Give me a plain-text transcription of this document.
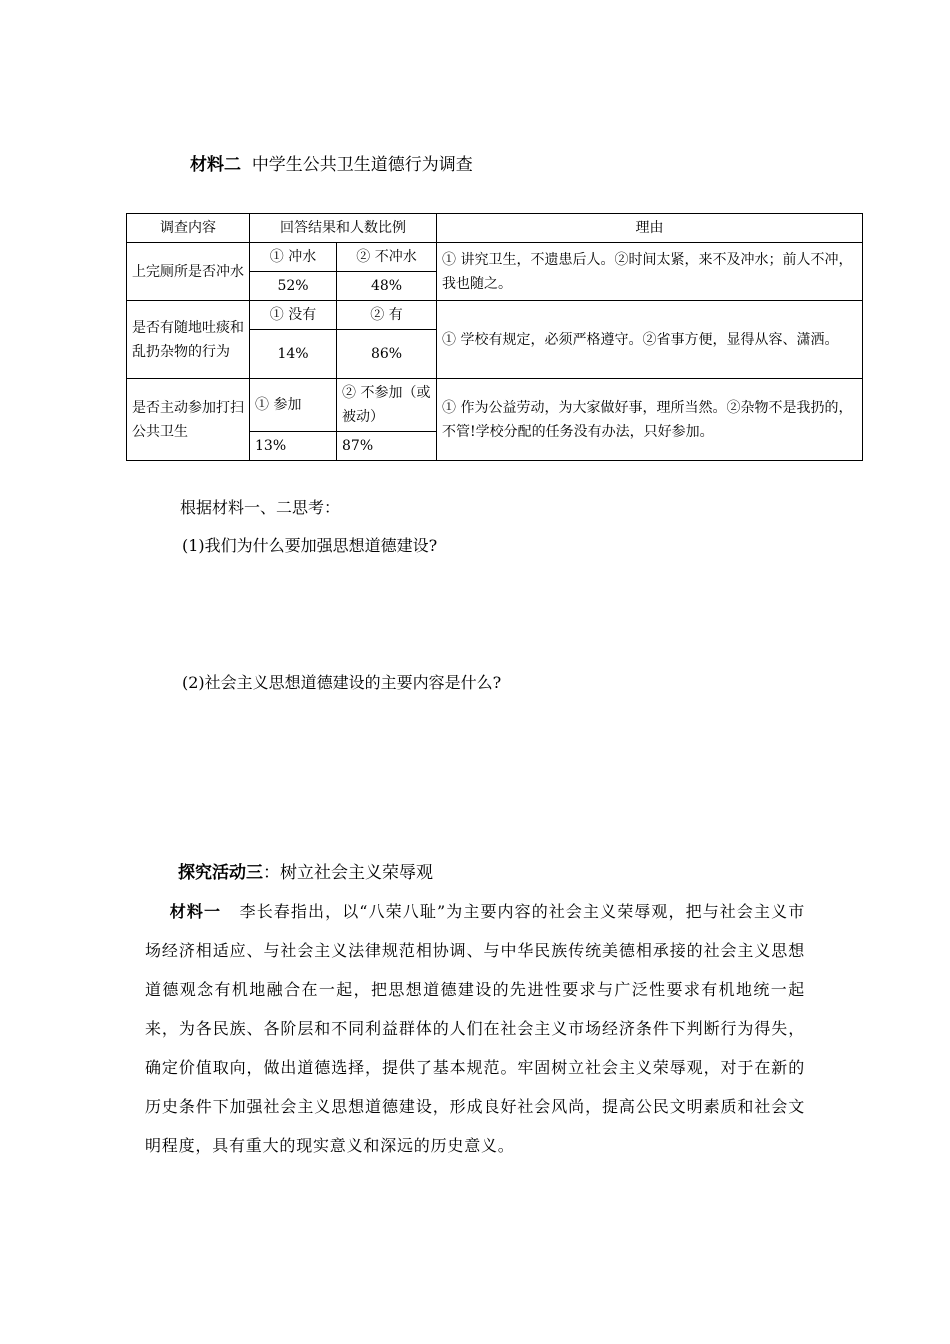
材料二 中学生公共卫生道德行为调查
调查内容	回答结果和人数比例		理由
上完厕所是否冲水	① 冲水	② 不冲水	① 讲究卫生，不遗患后人。②时间太紧，来不及冲水；前人不冲，我也随之。
	52%	48%	
是否有随地吐痰和乱扔杂物的行为	① 没有	② 有	① 学校有规定，必须严格遵守。②省事方便，显得从容、潇洒。
	14%	86%	
是否主动参加打扫公共卫生	① 参加	② 不参加（或被动）	① 作为公益劳动，为大家做好事，理所当然。②杂物不是我扔的，不管!学校分配的任务没有办法，只好参加。
	13%	87%	
根据材料一、二思考：
(1)我们为什么要加强思想道德建设?
(2)社会主义思想道德建设的主要内容是什么?
探究活动三：树立社会主义荣辱观
材料一 李长春指出，以“八荣八耻”为主要内容的社会主义荣辱观，把与社会主义市场经济相适应、与社会主义法律规范相协调、与中华民族传统美德相承接的社会主义思想道德观念有机地融合在一起，把思想道德建设的先进性要求与广泛性要求有机地统一起来，为各民族、各阶层和不同利益群体的人们在社会主义市场经济条件下判断行为得失，确定价值取向，做出道德选择，提供了基本规范。牢固树立社会主义荣辱观，对于在新的历史条件下加强社会主义思想道德建设，形成良好社会风尚，提高公民文明素质和社会文明程度，具有重大的现实意义和深远的历史意义。
